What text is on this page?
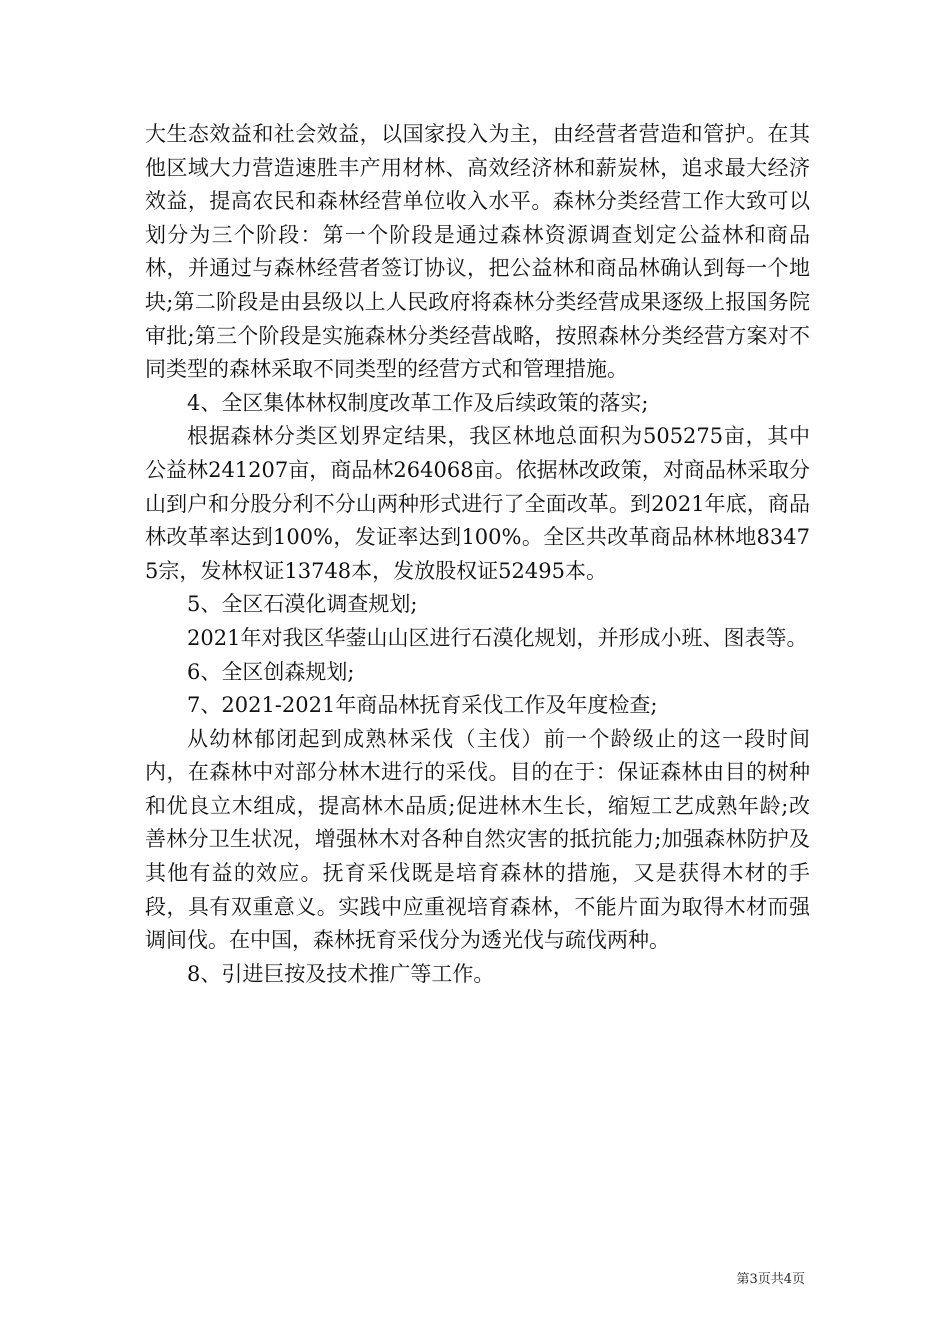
大生态效益和社会效益，以国家投入为主，由经营者营造和管护。在其他区域大力营造速胜丰产用材林、高效经济林和薪炭林，追求最大经济效益，提高农民和森林经营单位收入水平。森林分类经营工作大致可以划分为三个阶段：第一个阶段是通过森林资源调查划定公益林和商品林，并通过与森林经营者签订协议，把公益林和商品林确认到每一个地块;第二阶段是由县级以上人民政府将森林分类经营成果逐级上报国务院审批;第三个阶段是实施森林分类经营战略，按照森林分类经营方案对不同类型的森林采取不同类型的经营方式和管理措施。

4、全区集体林权制度改革工作及后续政策的落实;

根据森林分类区划界定结果，我区林地总面积为505275亩，其中公益林241207亩，商品林264068亩。依据林改政策，对商品林采取分山到户和分股分利不分山两种形式进行了全面改革。到2021年底，商品林改革率达到100%，发证率达到100%。全区共改革商品林林地83475宗，发林权证13748本，发放股权证52495本。

5、全区石漠化调查规划;

2021年对我区华蓥山山区进行石漠化规划，并形成小班、图表等。

6、全区创森规划;

7、2021-2021年商品林抚育采伐工作及年度检查;

从幼林郁闭起到成熟林采伐（主伐）前一个龄级止的这一段时间内，在森林中对部分林木进行的采伐。目的在于：保证森林由目的树种和优良立木组成，提高林木品质;促进林木生长，缩短工艺成熟年龄;改善林分卫生状况，增强林木对各种自然灾害的抵抗能力;加强森林防护及其他有益的效应。抚育采伐既是培育森林的措施，又是获得木材的手段，具有双重意义。实践中应重视培育森林，不能片面为取得木材而强调间伐。在中国，森林抚育采伐分为透光伐与疏伐两种。

8、引进巨按及技术推广等工作。

第3页共4页
